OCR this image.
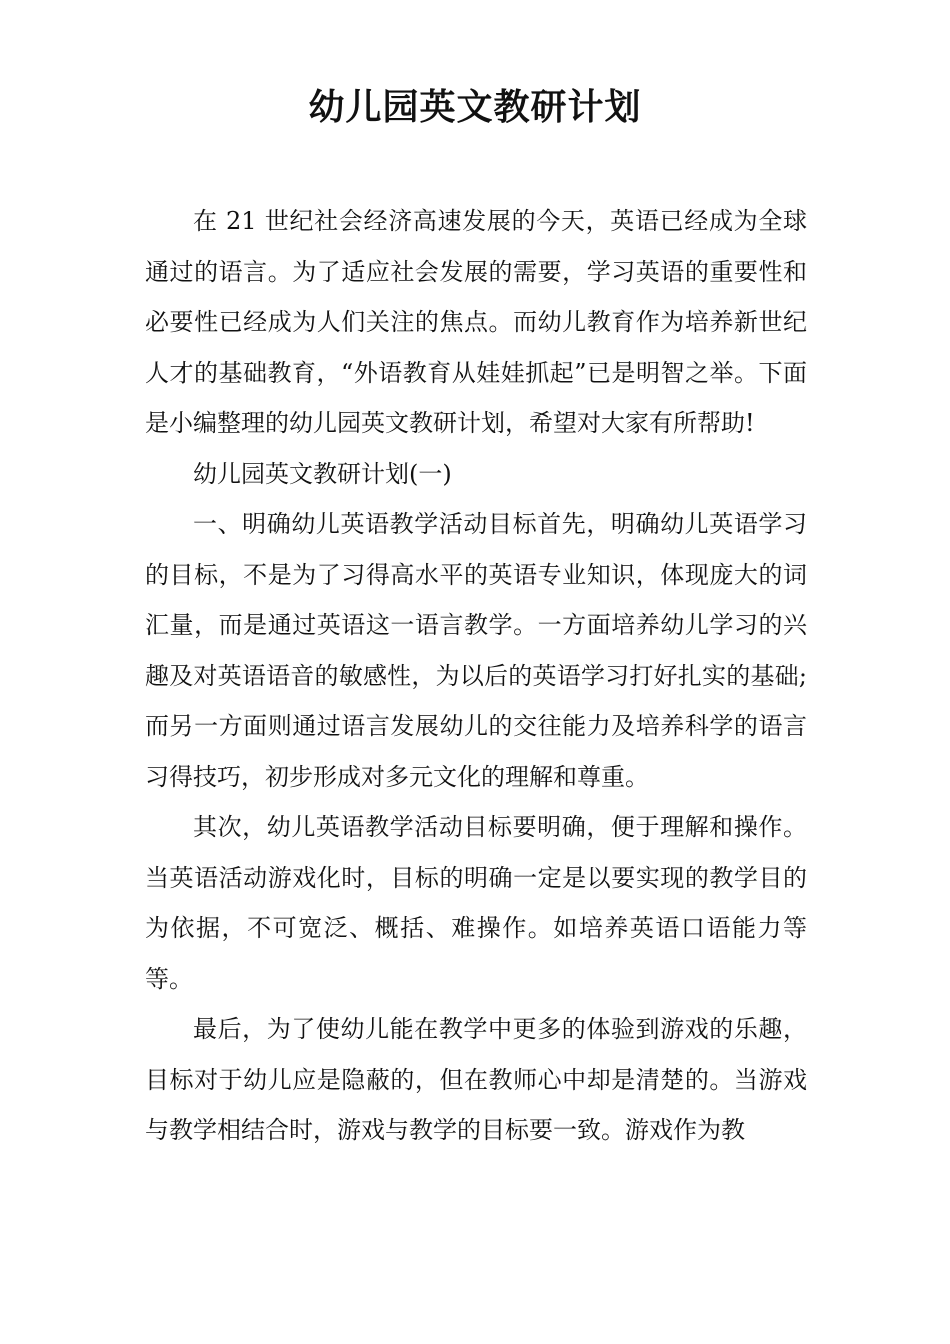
幼儿园英文教研计划

在 21 世纪社会经济高速发展的今天，英语已经成为全球通过的语言。为了适应社会发展的需要，学习英语的重要性和必要性已经成为人们关注的焦点。而幼儿教育作为培养新世纪人才的基础教育，“外语教育从娃娃抓起”已是明智之举。下面是小编整理的幼儿园英文教研计划，希望对大家有所帮助!

幼儿园英文教研计划(一)

一、明确幼儿英语教学活动目标首先，明确幼儿英语学习的目标，不是为了习得高水平的英语专业知识，体现庞大的词汇量，而是通过英语这一语言教学。一方面培养幼儿学习的兴趣及对英语语音的敏感性，为以后的英语学习打好扎实的基础;而另一方面则通过语言发展幼儿的交往能力及培养科学的语言习得技巧，初步形成对多元文化的理解和尊重。

其次，幼儿英语教学活动目标要明确，便于理解和操作。当英语活动游戏化时，目标的明确一定是以要实现的教学目的为依据，不可宽泛、概括、难操作。如培养英语口语能力等等。

最后，为了使幼儿能在教学中更多的体验到游戏的乐趣，目标对于幼儿应是隐蔽的，但在教师心中却是清楚的。当游戏与教学相结合时，游戏与教学的目标要一致。游戏作为教
